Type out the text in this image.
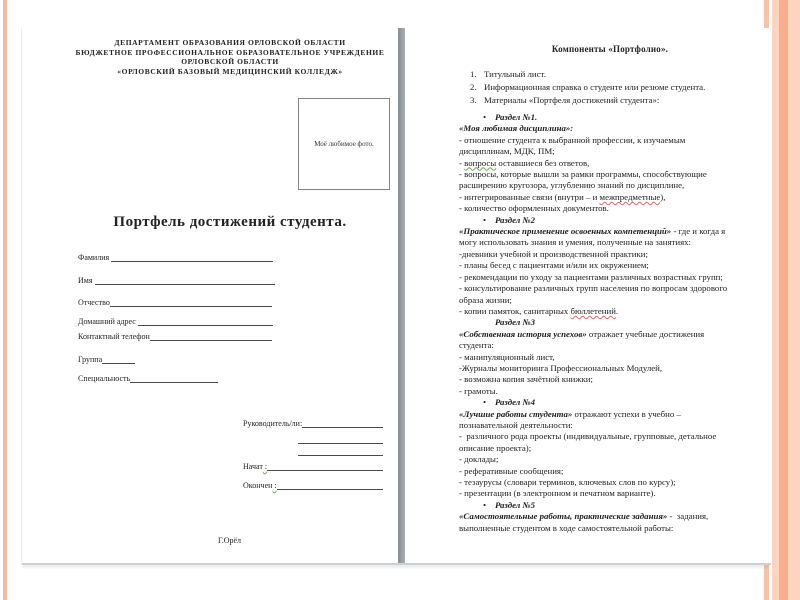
ДЕПАРТАМЕНТ ОБРАЗОВАНИЯ ОРЛОВСКОЙ ОБЛАСТИ
БЮДЖЕТНОЕ ПРОФЕССИОНАЛЬНОЕ ОБРАЗОВАТЕЛЬНОЕ УЧРЕЖДЕНИЕ
ОРЛОВСКОЙ ОБЛАСТИ
«ОРЛОВСКИЙ БАЗОВЫЙ МЕДИЦИНСКИЙ КОЛЛЕДЖ»
Моё любимое фото.
Портфель достижений студента.
Фамилия
Имя
Отчество
Домашний адрес
Контактный телефон
Группа
Специальность
Руководитель/ли:
Начат :
Окончен :
Г.Орёл
Компоненты «Портфолио».
1. Титульный лист.
2. Информационная справка о студенте или резюме студента.
3. Материалы «Портфеля достижений студента»:
• Раздел №1.
«Моя любимая дисциплина»:
- отношение студента к выбранной профессии, к изучаемым
дисциплинам, МДК, ПМ;
- вопросы оставшиеся без ответов,
- вопросы, которые вышли за рамки программы, способствующие
расширению кругозора, углублению знаний по дисциплине,
- интегрированные связи (внутри – и межпредметные),
- количество оформленных документов.
• Раздел №2
«Практическое применение освоенных компетенций» - где и когда я
могу использовать знания и умения, полученные на занятиях:
-дневники учебной и производственной практики;
- планы бесед с пациентами и/или их окружением;
- рекомендации по уходу за пациентами различных возрастных групп;
- консультирование различных групп населения по вопросам здорового
образа жизни;
- копии памяток, санитарных бюллетений.
Раздел №3
«Собственная история успехов» отражает учебные достижения
студента:
- манипуляционный лист,
-Журналы мониторинга Профессиональных Модулей,
- возможна копия зачётной книжки;
- грамоты.
• Раздел №4
«Лучшие работы студента» отражают успехи в учебно –
познавательной деятельности:
-  различного рода проекты (индивидуальные, групповые, детальное
описание проекта);
- доклады;
- реферативные сообщения;
- тезаурусы (словари терминов, ключевых слов по курсу);
- презентации (в электронном и печатном варианте).
• Раздел №5
«Самостоятельные работы, практические задания» -  задания,
выполненные студентом в ходе самостоятельной работы:
